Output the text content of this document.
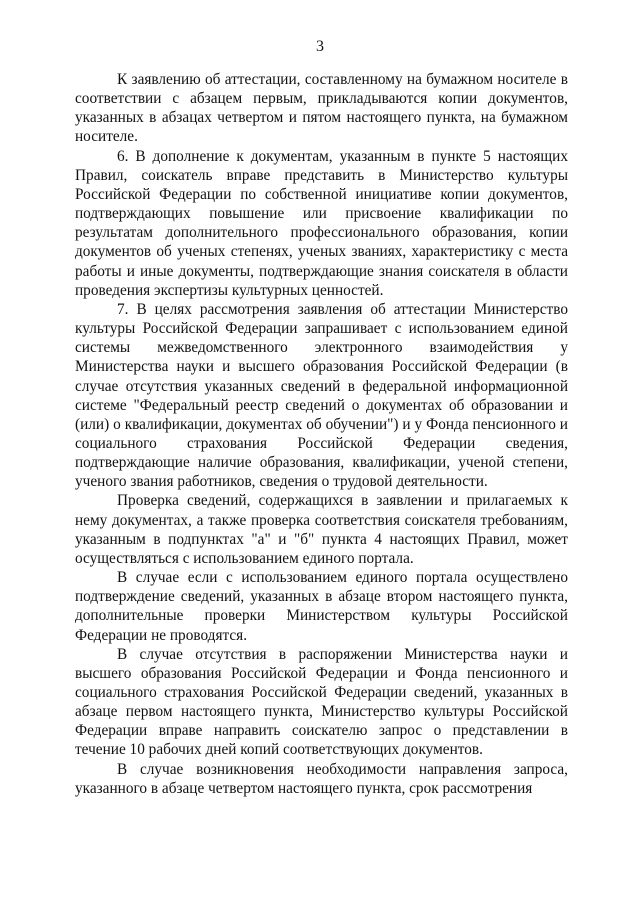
3

К заявлению об аттестации, составленному на бумажном носителе в соответствии с абзацем первым, прикладываются копии документов, указанных в абзацах четвертом и пятом настоящего пункта, на бумажном носителе.

6. В дополнение к документам, указанным в пункте 5 настоящих Правил, соискатель вправе представить в Министерство культуры Российской Федерации по собственной инициативе копии документов, подтверждающих повышение или присвоение квалификации по результатам дополнительного профессионального образования, копии документов об ученых степенях, ученых званиях, характеристику с места работы и иные документы, подтверждающие знания соискателя в области проведения экспертизы культурных ценностей.

7. В целях рассмотрения заявления об аттестации Министерство культуры Российской Федерации запрашивает с использованием единой системы межведомственного электронного взаимодействия у Министерства науки и высшего образования Российской Федерации (в случае отсутствия указанных сведений в федеральной информационной системе "Федеральный реестр сведений о документах об образовании и (или) о квалификации, документах об обучении") и у Фонда пенсионного и социального страхования Российской Федерации сведения, подтверждающие наличие образования, квалификации, ученой степени, ученого звания работников, сведения о трудовой деятельности.

Проверка сведений, содержащихся в заявлении и прилагаемых к нему документах, а также проверка соответствия соискателя требованиям, указанным в подпунктах "а" и "б" пункта 4 настоящих Правил, может осуществляться с использованием единого портала.

В случае если с использованием единого портала осуществлено подтверждение сведений, указанных в абзаце втором настоящего пункта, дополнительные проверки Министерством культуры Российской Федерации не проводятся.

В случае отсутствия в распоряжении Министерства науки и высшего образования Российской Федерации и Фонда пенсионного и социального страхования Российской Федерации сведений, указанных в абзаце первом настоящего пункта, Министерство культуры Российской Федерации вправе направить соискателю запрос о представлении в течение 10 рабочих дней копий соответствующих документов.

В случае возникновения необходимости направления запроса, указанного в абзаце четвертом настоящего пункта, срок рассмотрения
